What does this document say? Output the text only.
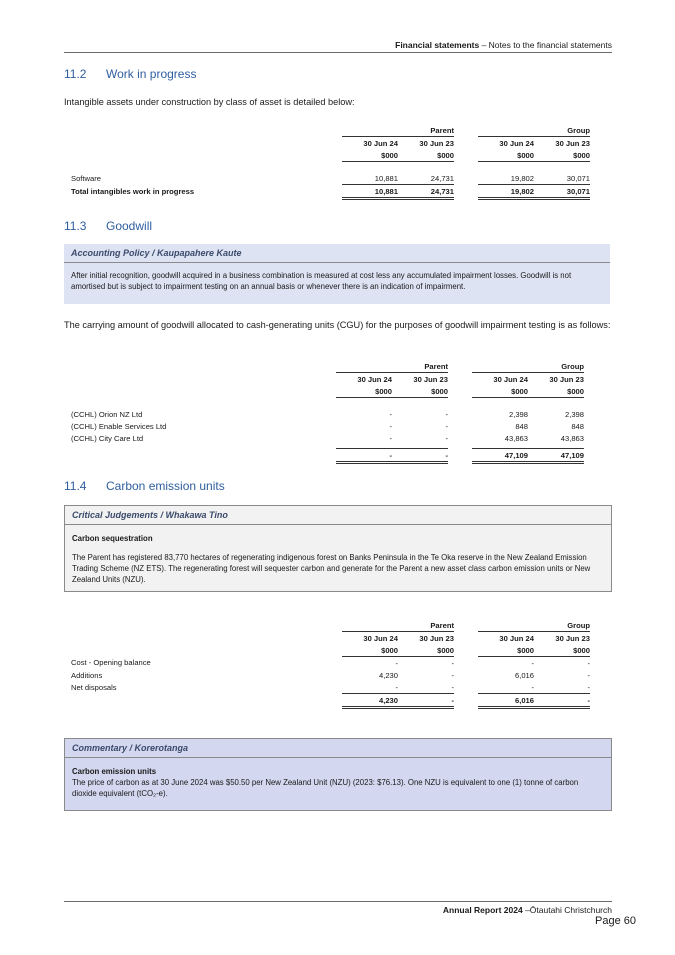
Financial statements – Notes to the financial statements
11.2 Work in progress
Intangible assets under construction by class of asset is detailed below:
	Parent			Group	
	30 Jun 24	30 Jun 23		30 Jun 24	30 Jun 23
	$000	$000		$000	$000

Software	10,881	24,731		19,802	30,071
Total intangibles work in progress	10,881	24,731		19,802	30,071
11.3 Goodwill
Accounting Policy / Kaupapahere Kaute
After initial recognition, goodwill acquired in a business combination is measured at cost less any accumulated impairment losses. Goodwill is not amortised but is subject to impairment testing on an annual basis or whenever there is an indication of impairment.
The carrying amount of goodwill allocated to cash-generating units (CGU) for the purposes of goodwill impairment testing is as follows:
	Parent			Group	
	30 Jun 24	30 Jun 23		30 Jun 24	30 Jun 23
	$000	$000		$000	$000

(CCHL) Orion NZ Ltd	-	-		2,398	2,398
(CCHL) Enable Services Ltd	-	-		848	848
(CCHL) City Care Ltd	-	-		43,863	43,863

	-	-		47,109	47,109
11.4 Carbon emission units
Critical Judgements / Whakawa Tino
Carbon sequestration
The Parent has registered 83,770 hectares of regenerating indigenous forest on Banks Peninsula in the Te Oka reserve in the New Zealand Emission Trading Scheme (NZ ETS). The regenerating forest will sequester carbon and generate for the Parent a new asset class carbon emission units or New Zealand Units (NZU).
	Parent			Group	
	30 Jun 24	30 Jun 23		30 Jun 24	30 Jun 23
	$000	$000		$000	$000
Cost - Opening balance	-	-		-	-
Additions	4,230	-		6,016	-
Net disposals	-	-		-	-
	4,230	-		6,016	-
Commentary / Korerotanga
Carbon emission units
The price of carbon as at 30 June 2024 was $50.50 per New Zealand Unit (NZU) (2023: $76.13). One NZU is equivalent to one (1) tonne of carbon dioxide equivalent (tCO₂-e).
Annual Report 2024 –Ōtautahi Christchurch
Page 60
